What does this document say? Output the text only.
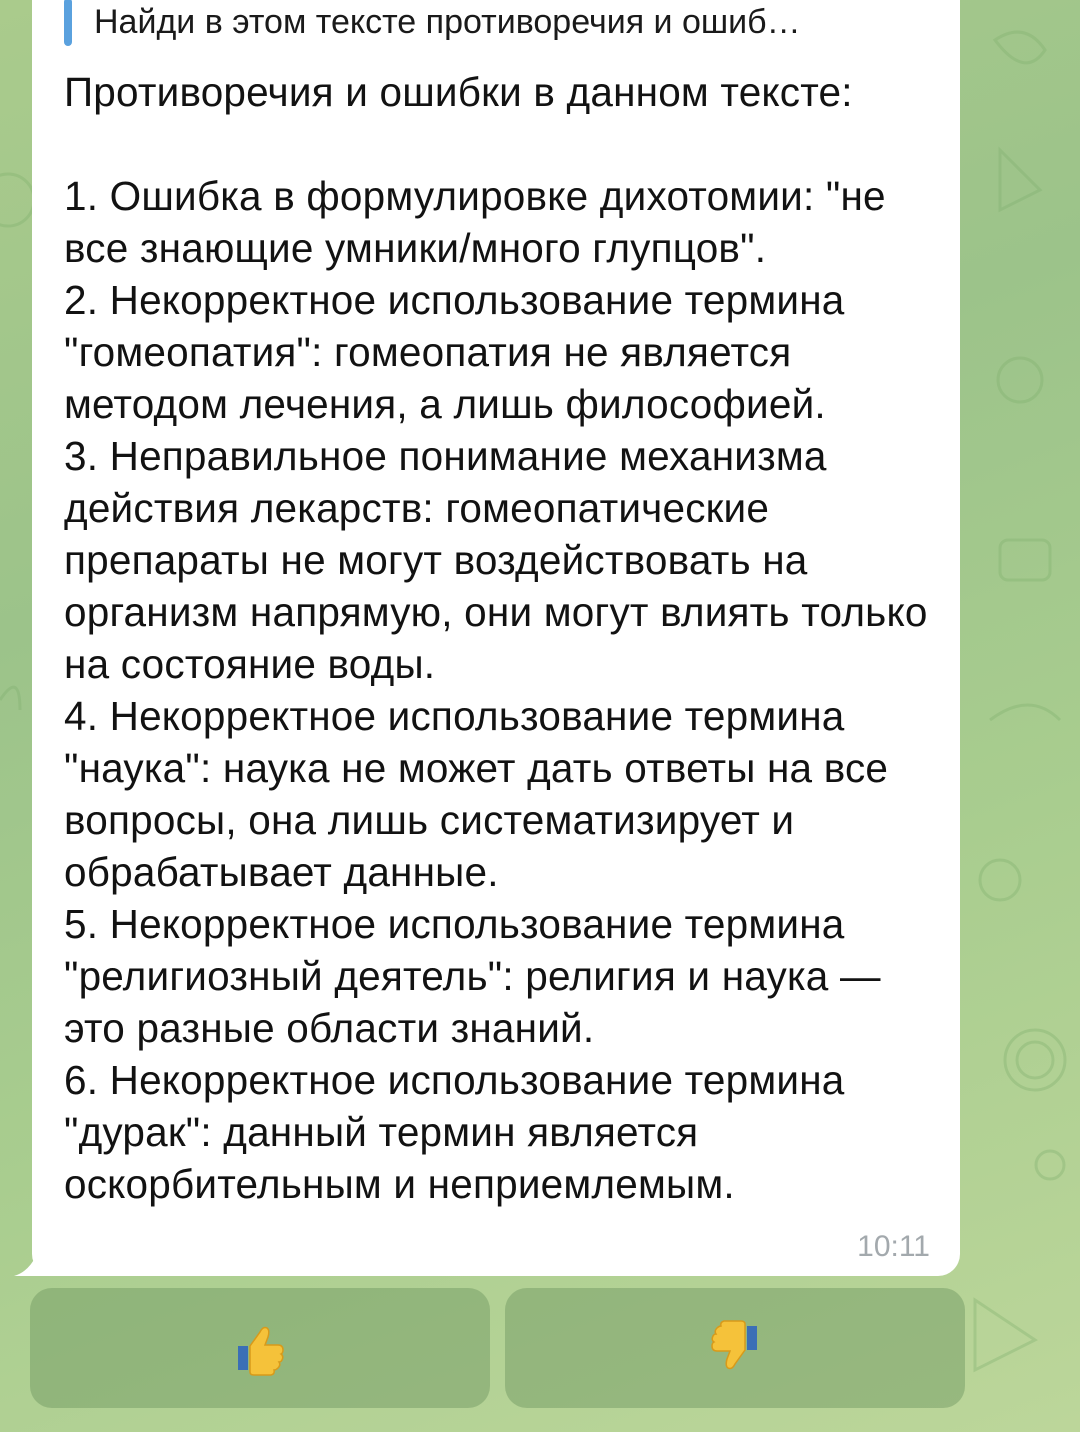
Найди в этом тексте противоречия и ошиб…
Противоречия и ошибки в данном тексте:

1. Ошибка в формулировке дихотомии: "не все знающие умники/много глупцов".
2. Некорректное использование термина "гомеопатия": гомеопатия не является методом лечения, а лишь философией.
3. Неправильное понимание механизма действия лекарств: гомеопатические препараты не могут воздействовать на организм напрямую, они могут влиять только на состояние воды.
4. Некорректное использование термина "наука": наука не может дать ответы на все вопросы, она лишь систематизирует и обрабатывает данные.
5. Некорректное использование термина "религиозный деятель": религия и наука — это разные области знаний.
6. Некорректное использование термина "дурак": данный термин является оскорбительным и неприемлемым.
10:11
